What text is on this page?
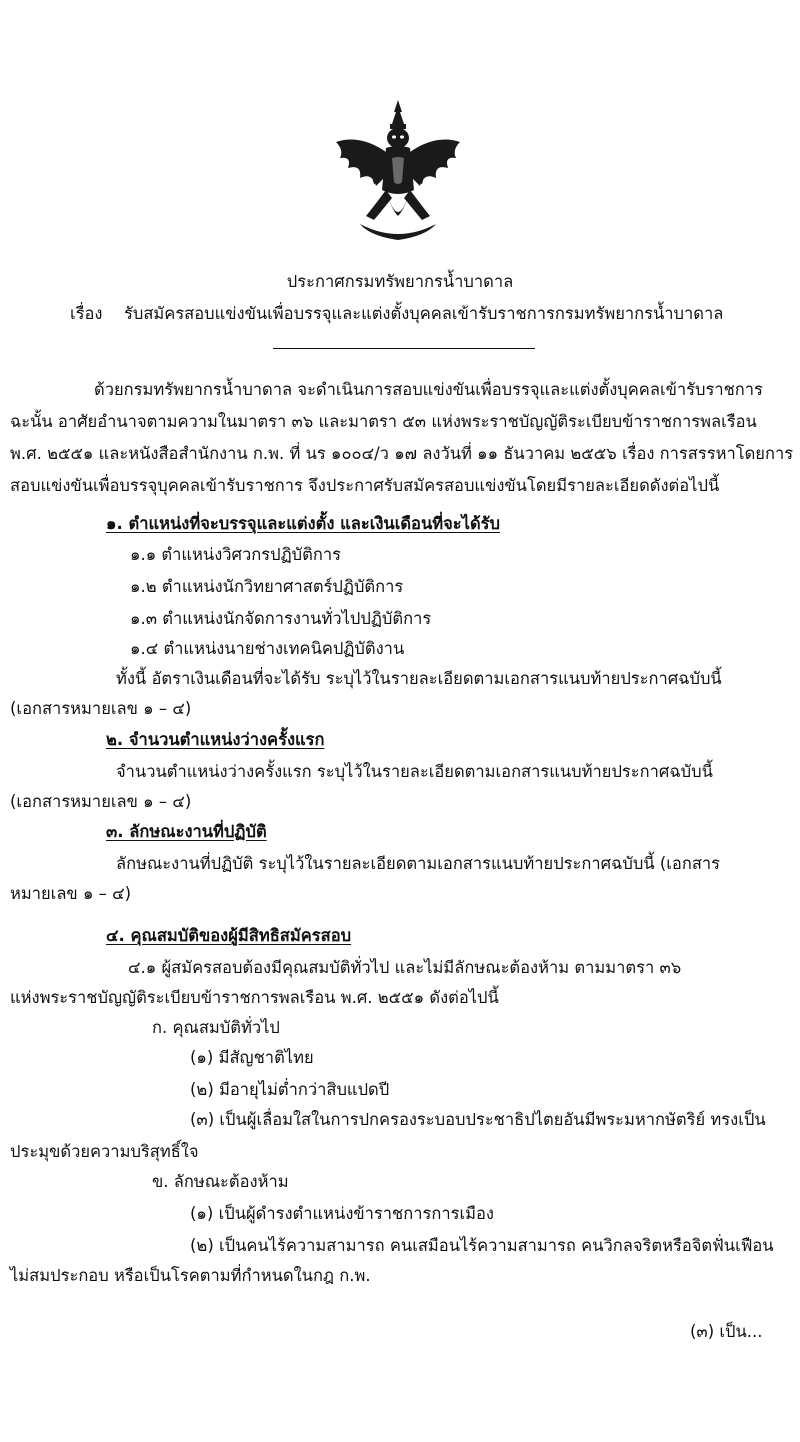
ประกาศกรมทรัพยากรน้ำบาดาล
เรื่อง รับสมัครสอบแข่งขันเพื่อบรรจุและแต่งตั้งบุคคลเข้ารับราชการกรมทรัพยากรน้ำบาดาล
ด้วยกรมทรัพยากรน้ำบาดาล จะดำเนินการสอบแข่งขันเพื่อบรรจุและแต่งตั้งบุคคลเข้ารับราชการ
ฉะนั้น อาศัยอำนาจตามความในมาตรา ๓๖ และมาตรา ๕๓ แห่งพระราชบัญญัติระเบียบข้าราชการพลเรือน
พ.ศ. ๒๕๕๑ และหนังสือสำนักงาน ก.พ. ที่ นร ๑๐๐๔/ว ๑๗ ลงวันที่ ๑๑ ธันวาคม ๒๕๕๖ เรื่อง การสรรหาโดยการ
สอบแข่งขันเพื่อบรรจุบุคคลเข้ารับราชการ จึงประกาศรับสมัครสอบแข่งขันโดยมีรายละเอียดดังต่อไปนี้
๑. ตำแหน่งที่จะบรรจุและแต่งตั้ง และเงินเดือนที่จะได้รับ
๑.๑ ตำแหน่งวิศวกรปฏิบัติการ
๑.๒ ตำแหน่งนักวิทยาศาสตร์ปฏิบัติการ
๑.๓ ตำแหน่งนักจัดการงานทั่วไปปฏิบัติการ
๑.๔ ตำแหน่งนายช่างเทคนิคปฏิบัติงาน
ทั้งนี้ อัตราเงินเดือนที่จะได้รับ ระบุไว้ในรายละเอียดตามเอกสารแนบท้ายประกาศฉบับนี้
(เอกสารหมายเลข ๑ – ๔)
๒. จำนวนตำแหน่งว่างครั้งแรก
จำนวนตำแหน่งว่างครั้งแรก ระบุไว้ในรายละเอียดตามเอกสารแนบท้ายประกาศฉบับนี้
(เอกสารหมายเลข ๑ – ๔)
๓. ลักษณะงานที่ปฏิบัติ
ลักษณะงานที่ปฏิบัติ ระบุไว้ในรายละเอียดตามเอกสารแนบท้ายประกาศฉบับนี้ (เอกสาร
หมายเลข ๑ – ๔)
๔. คุณสมบัติของผู้มีสิทธิสมัครสอบ
๔.๑ ผู้สมัครสอบต้องมีคุณสมบัติทั่วไป และไม่มีลักษณะต้องห้าม ตามมาตรา ๓๖
แห่งพระราชบัญญัติระเบียบข้าราชการพลเรือน พ.ศ. ๒๕๕๑ ดังต่อไปนี้
ก. คุณสมบัติทั่วไป
(๑) มีสัญชาติไทย
(๒) มีอายุไม่ต่ำกว่าสิบแปดปี
(๓) เป็นผู้เลื่อมใสในการปกครองระบอบประชาธิปไตยอันมีพระมหากษัตริย์ ทรงเป็น
ประมุขด้วยความบริสุทธิ์ใจ
ข. ลักษณะต้องห้าม
(๑) เป็นผู้ดำรงตำแหน่งข้าราชการการเมือง
(๒) เป็นคนไร้ความสามารถ คนเสมือนไร้ความสามารถ คนวิกลจริตหรือจิตฟั่นเฟือน
ไม่สมประกอบ หรือเป็นโรคตามที่กำหนดในกฎ ก.พ.
(๓) เป็น...
